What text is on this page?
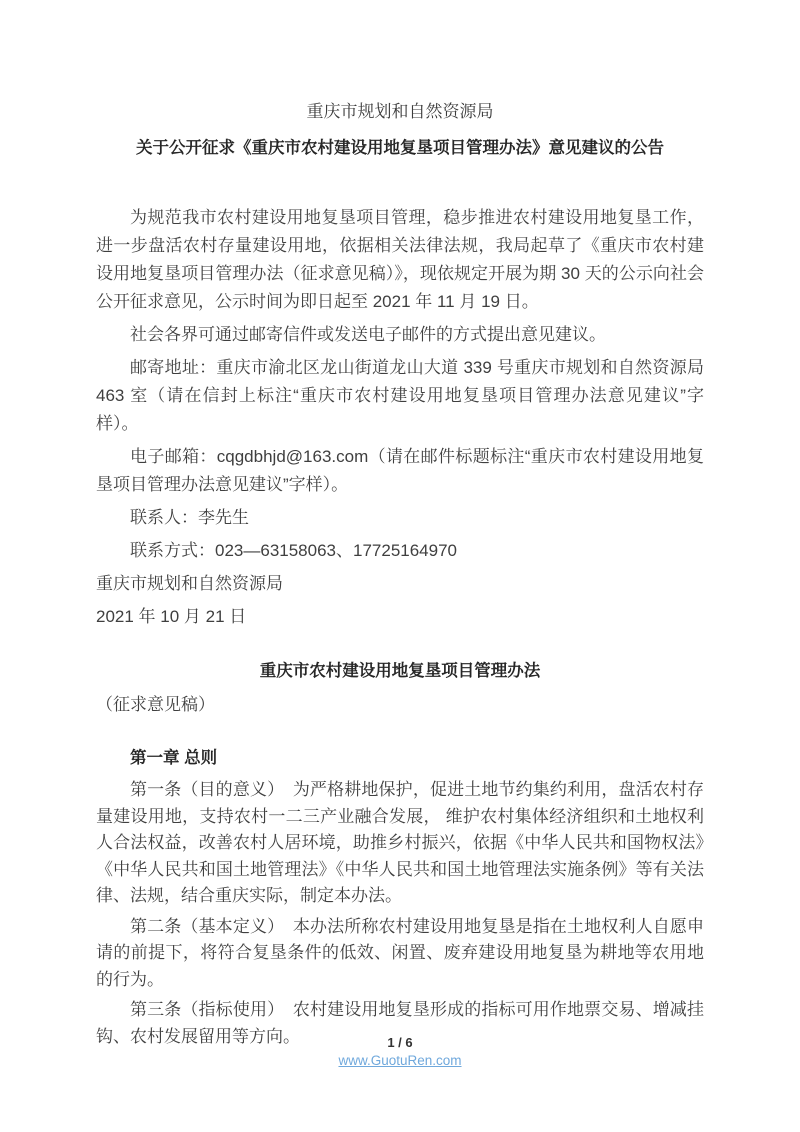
重庆市规划和自然资源局
关于公开征求《重庆市农村建设用地复垦项目管理办法》意见建议的公告

为规范我市农村建设用地复垦项目管理，稳步推进农村建设用地复垦工作，进一步盘活农村存量建设用地，依据相关法律法规，我局起草了《重庆市农村建设用地复垦项目管理办法（征求意见稿）》，现依规定开展为期 30 天的公示向社会公开征求意见，公示时间为即日起至 2021 年 11 月 19 日。

社会各界可通过邮寄信件或发送电子邮件的方式提出意见建议。

邮寄地址：重庆市渝北区龙山街道龙山大道 339 号重庆市规划和自然资源局 463 室（请在信封上标注“重庆市农村建设用地复垦项目管理办法意见建议”字样）。

电子邮箱：cqgdbhjd@163.com（请在邮件标题标注“重庆市农村建设用地复垦项目管理办法意见建议”字样）。

联系人：李先生

联系方式：023—63158063、17725164970

重庆市规划和自然资源局

2021 年 10 月 21 日

重庆市农村建设用地复垦项目管理办法

（征求意见稿）

第一章 总则

第一条（目的意义）　为严格耕地保护，促进土地节约集约利用，盘活农村存量建设用地，支持农村一二三产业融合发展， 维护农村集体经济组织和土地权利人合法权益，改善农村人居环境，助推乡村振兴，依据《中华人民共和国物权法》《中华人民共和国土地管理法》《中华人民共和国土地管理法实施条例》等有关法律、法规，结合重庆实际，制定本办法。

第二条（基本定义）　本办法所称农村建设用地复垦是指在土地权利人自愿申请的前提下，将符合复垦条件的低效、闲置、废弃建设用地复垦为耕地等农用地的行为。

第三条（指标使用）　农村建设用地复垦形成的指标可用作地票交易、增减挂钩、农村发展留用等方向。	1 / 6
www.GuotuRen.com
